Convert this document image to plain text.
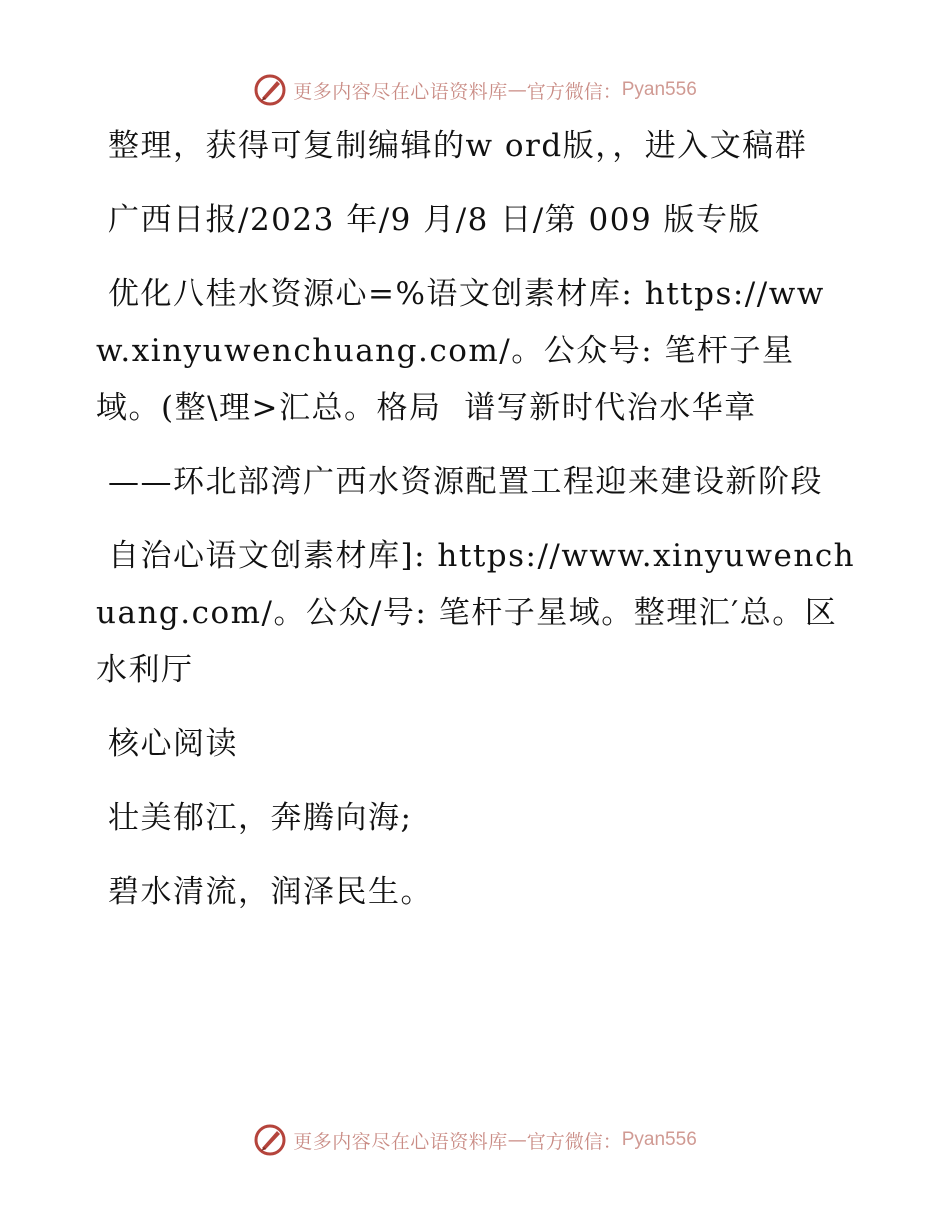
更多内容尽在心语资料库 — 官方微信： Pyan556

整理，获得可复制编辑的w ord版，，进入文稿群

广西日报/2023 年/9 月/8 日/第 009 版专版

优化八桂水资源心=%语文创素材库: https://www.xinyuwenchuang.com/。公众号: 笔杆子星域。(整\理>汇总。格局  谱写新时代治水华章

——环北部湾广西水资源配置工程迎来建设新阶段

自治心语文创素材库]: https://www.xinyuwenchuang.com/。公众/号: 笔杆子星域。整理汇′总。区水利厅

核心阅读

壮美郁江，奔腾向海;

碧水清流，润泽民生。

更多内容尽在心语资料库 — 官方微信： Pyan556
